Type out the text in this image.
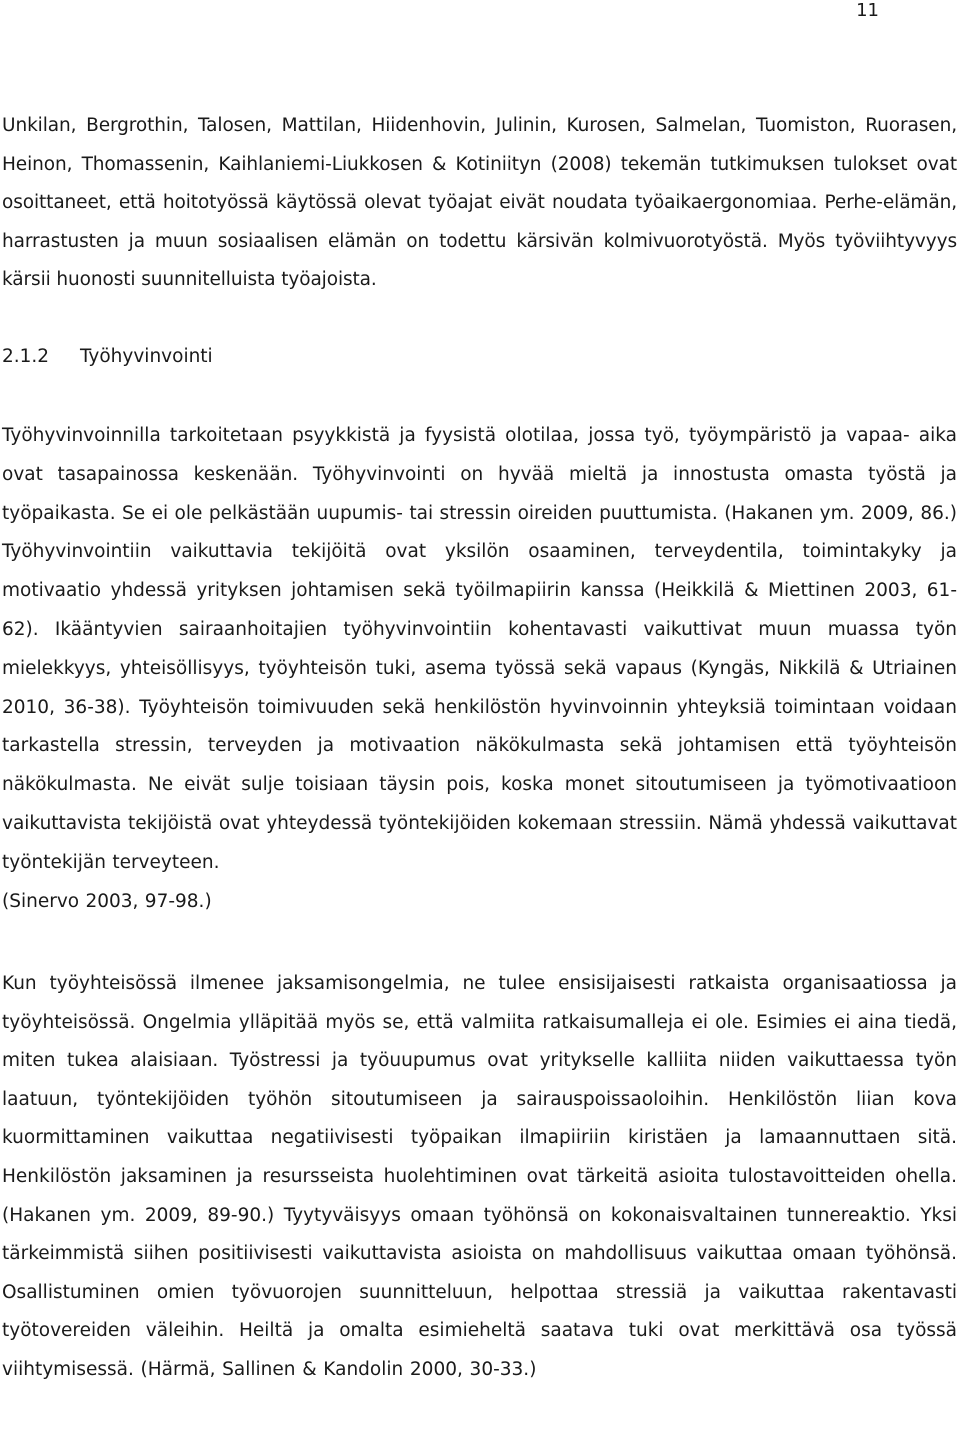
11

Unkilan, Bergrothin, Talosen, Mattilan, Hiidenhovin, Julinin, Kurosen, Salmelan, Tuomiston, Ruorasen, Heinon, Thomassenin, Kaihlaniemi-Liukkosen & Kotiniityn (2008) tekemän tutkimuksen tulokset ovat osoittaneet, että hoitotyössä käytössä olevat työajat eivät noudata työaikaergonomiaa. Perhe-elämän, harrastusten ja muun sosiaalisen elämän on todettu kärsivän kolmivuorotyöstä. Myös työviihtyvyys kärsii huonosti suunnitelluista työajoista.

2.1.2 Työhyvinvointi

Työhyvinvoinnilla tarkoitetaan psyykkistä ja fyysistä olotilaa, jossa työ, työympäristö ja vapaa- aika ovat tasapainossa keskenään. Työhyvinvointi on hyvää mieltä ja innostusta omasta työstä ja työpaikasta. Se ei ole pelkästään uupumis- tai stressin oireiden puuttumista. (Hakanen ym. 2009, 86.) Työhyvinvointiin vaikuttavia tekijöitä ovat yksilön osaaminen, terveydentila, toimintakyky ja motivaatio yhdessä yrityksen johtamisen sekä työilmapiirin kanssa (Heikkilä & Miettinen 2003, 61- 62). Ikääntyvien sairaanhoitajien työhyvinvointiin kohentavasti vaikuttivat muun muassa työn mielekkyys, yhteisöllisyys, työyhteisön tuki, asema työssä sekä vapaus (Kyngäs, Nikkilä & Utriainen 2010, 36-38). Työyhteisön toimivuuden sekä henkilöstön hyvinvoinnin yhteyksiä toimintaan voidaan tarkastella stressin, terveyden ja motivaation näkökulmasta sekä johtamisen että työyhteisön näkökulmasta. Ne eivät sulje toisiaan täysin pois, koska monet sitoutumiseen ja työmotivaatioon vaikuttavista tekijöistä ovat yhteydessä työntekijöiden kokemaan stressiin. Nämä yhdessä vaikuttavat työntekijän terveyteen.

(Sinervo 2003, 97-98.)

Kun työyhteisössä ilmenee jaksamisongelmia, ne tulee ensisijaisesti ratkaista organisaatiossa ja työyhteisössä. Ongelmia ylläpitää myös se, että valmiita ratkaisumalleja ei ole. Esimies ei aina tiedä, miten tukea alaisiaan. Työstressi ja työuupumus ovat yritykselle kalliita niiden vaikuttaessa työn laatuun, työntekijöiden työhön sitoutumiseen ja sairauspoissaoloihin. Henkilöstön liian kova kuormittaminen vaikuttaa negatiivisesti työpaikan ilmapiiriin kiristäen ja lamaannuttaen sitä. Henkilöstön jaksaminen ja resursseista huolehtiminen ovat tärkeitä asioita tulostavoitteiden ohella. (Hakanen ym. 2009, 89-90.) Tyytyväisyys omaan työhönsä on kokonaisvaltainen tunnereaktio. Yksi tärkeimmistä siihen positiivisesti vaikuttavista asioista on mahdollisuus vaikuttaa omaan työhönsä. Osallistuminen omien työvuorojen suunnitteluun, helpottaa stressiä ja vaikuttaa rakentavasti työtovereiden väleihin. Heiltä ja omalta esimieheltä saatava tuki ovat merkittävä osa työssä viihtymisessä. (Härmä, Sallinen & Kandolin 2000, 30-33.)
